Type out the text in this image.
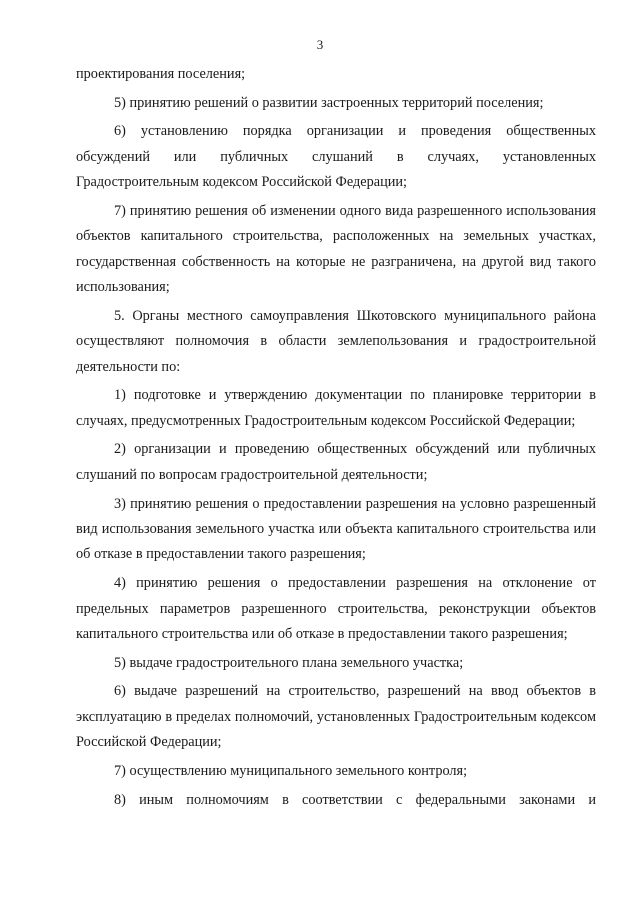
3

проектирования поселения;

5) принятию решений о развитии застроенных территорий поселения;

6) установлению порядка организации и проведения общественных обсуждений или публичных слушаний в случаях, установленных Градостроительным кодексом Российской Федерации;

7) принятию решения об изменении одного вида разрешенного использования объектов капитального строительства, расположенных на земельных участках, государственная собственность на которые не разграничена, на другой вид такого использования;

5. Органы местного самоуправления Шкотовского муниципального района осуществляют полномочия в области землепользования и градостроительной деятельности по:

1) подготовке и утверждению документации по планировке территории в случаях, предусмотренных Градостроительным кодексом Российской Федерации;

2) организации и проведению общественных обсуждений или публичных слушаний по вопросам градостроительной деятельности;

3) принятию решения о предоставлении разрешения на условно разрешенный вид использования земельного участка или объекта капитального строительства или об отказе в предоставлении такого разрешения;

4) принятию решения о предоставлении разрешения на отклонение от предельных параметров разрешенного строительства, реконструкции объектов капитального строительства или об отказе в предоставлении такого разрешения;

5) выдаче градостроительного плана земельного участка;

6) выдаче разрешений на строительство, разрешений на ввод объектов в эксплуатацию в пределах полномочий, установленных Градостроительным кодексом Российской Федерации;

7) осуществлению муниципального земельного контроля;

8) иным полномочиям в соответствии с федеральными законами и
